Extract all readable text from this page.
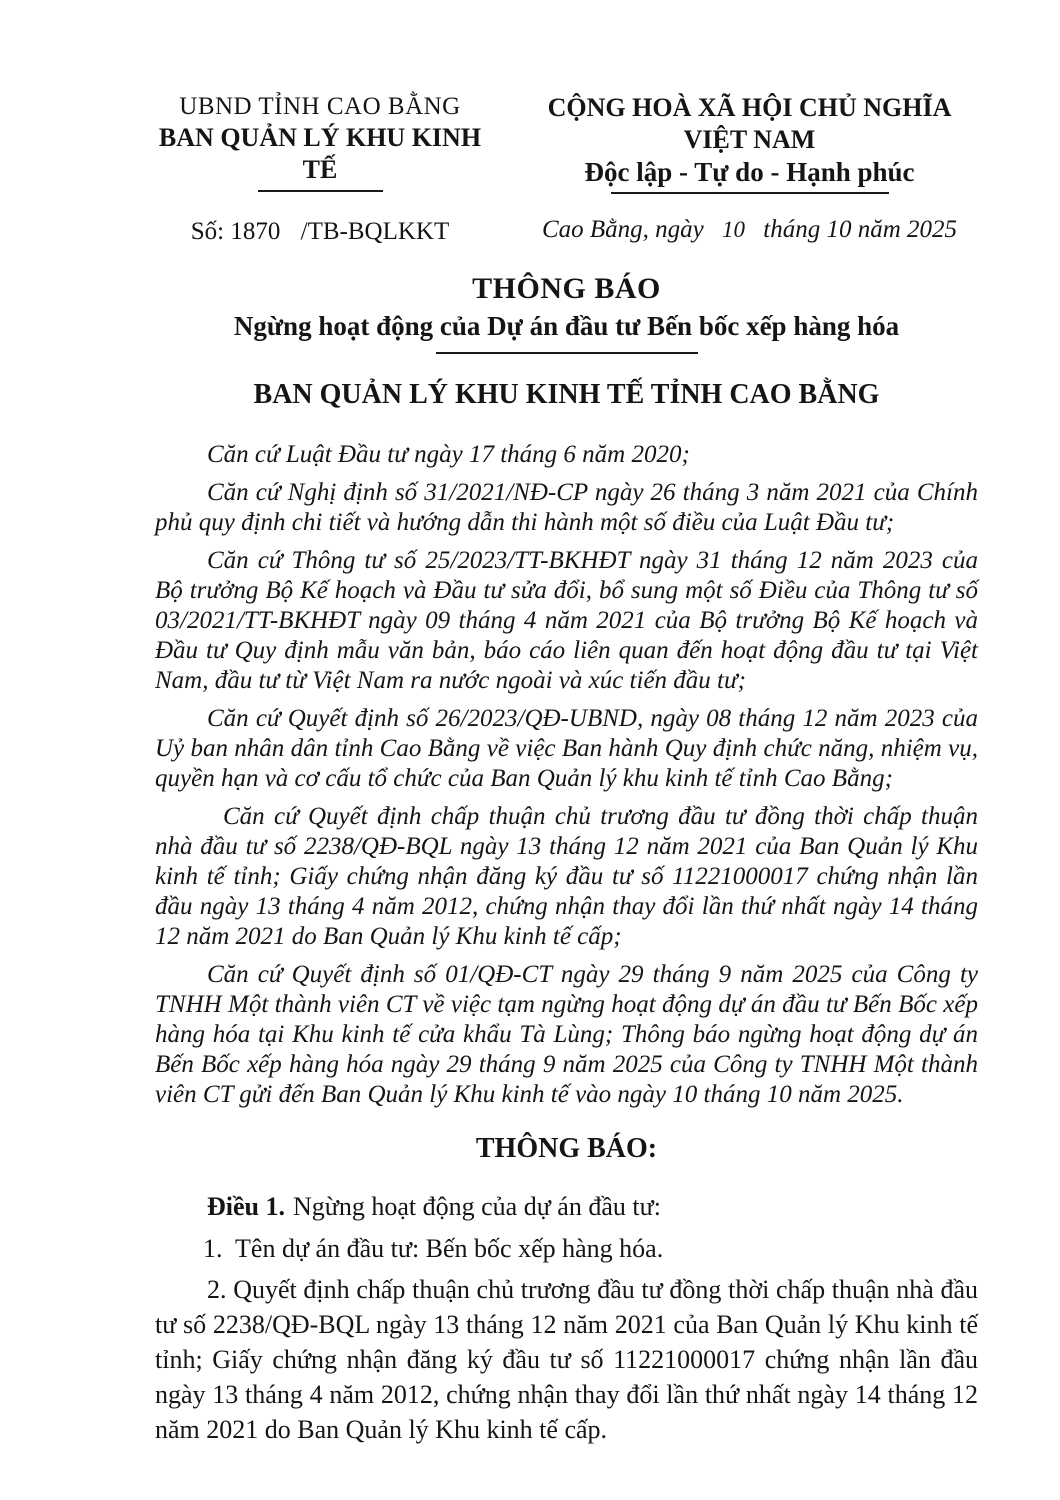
UBND TỈNH CAO BẰNG
BAN QUẢN LÝ KHU KINH TẾ
Số: 1870 /TB-BQLKKT
CỘNG HOÀ XÃ HỘI CHỦ NGHĨA VIỆT NAM
Độc lập - Tự do - Hạnh phúc
Cao Bằng, ngày 10 tháng 10 năm 2025
THÔNG BÁO
Ngừng hoạt động của Dự án đầu tư Bến bốc xếp hàng hóa
BAN QUẢN LÝ KHU KINH TẾ TỈNH CAO BẰNG

Căn cứ Luật Đầu tư ngày 17 tháng 6 năm 2020;

Căn cứ Nghị định số 31/2021/NĐ-CP ngày 26 tháng 3 năm 2021 của Chính phủ quy định chi tiết và hướng dẫn thi hành một số điều của Luật Đầu tư;

Căn cứ Thông tư số 25/2023/TT-BKHĐT ngày 31 tháng 12 năm 2023 của Bộ trưởng Bộ Kế hoạch và Đầu tư sửa đổi, bổ sung một số Điều của Thông tư số 03/2021/TT-BKHĐT ngày 09 tháng 4 năm 2021 của Bộ trưởng Bộ Kế hoạch và Đầu tư Quy định mẫu văn bản, báo cáo liên quan đến hoạt động đầu tư tại Việt Nam, đầu tư từ Việt Nam ra nước ngoài và xúc tiến đầu tư;

Căn cứ Quyết định số 26/2023/QĐ-UBND, ngày 08 tháng 12 năm 2023 của Uỷ ban nhân dân tỉnh Cao Bằng về việc Ban hành Quy định chức năng, nhiệm vụ, quyền hạn và cơ cấu tổ chức của Ban Quản lý khu kinh tế tỉnh Cao Bằng;

Căn cứ Quyết định chấp thuận chủ trương đầu tư đồng thời chấp thuận nhà đầu tư số 2238/QĐ-BQL ngày 13 tháng 12 năm 2021 của Ban Quản lý Khu kinh tế tỉnh; Giấy chứng nhận đăng ký đầu tư số 11221000017 chứng nhận lần đầu ngày 13 tháng 4 năm 2012, chứng nhận thay đổi lần thứ nhất ngày 14 tháng 12 năm 2021 do Ban Quản lý Khu kinh tế cấp;

Căn cứ Quyết định số 01/QĐ-CT ngày 29 tháng 9 năm 2025 của Công ty TNHH Một thành viên CT về việc tạm ngừng hoạt động dự án đầu tư Bến Bốc xếp hàng hóa tại Khu kinh tế cửa khẩu Tà Lùng; Thông báo ngừng hoạt động dự án Bến Bốc xếp hàng hóa ngày 29 tháng 9 năm 2025 của Công ty TNHH Một thành viên CT gửi đến Ban Quản lý Khu kinh tế vào ngày 10 tháng 10 năm 2025.

THÔNG BÁO:

Điều 1. Ngừng hoạt động của dự án đầu tư:

1.  Tên dự án đầu tư: Bến bốc xếp hàng hóa.

2. Quyết định chấp thuận chủ trương đầu tư đồng thời chấp thuận nhà đầu tư số 2238/QĐ-BQL ngày 13 tháng 12 năm 2021 của Ban Quản lý Khu kinh tế tỉnh; Giấy chứng nhận đăng ký đầu tư số 11221000017 chứng nhận lần đầu ngày 13 tháng 4 năm 2012, chứng nhận thay đổi lần thứ nhất ngày 14 tháng 12 năm 2021 do Ban Quản lý Khu kinh tế cấp.
